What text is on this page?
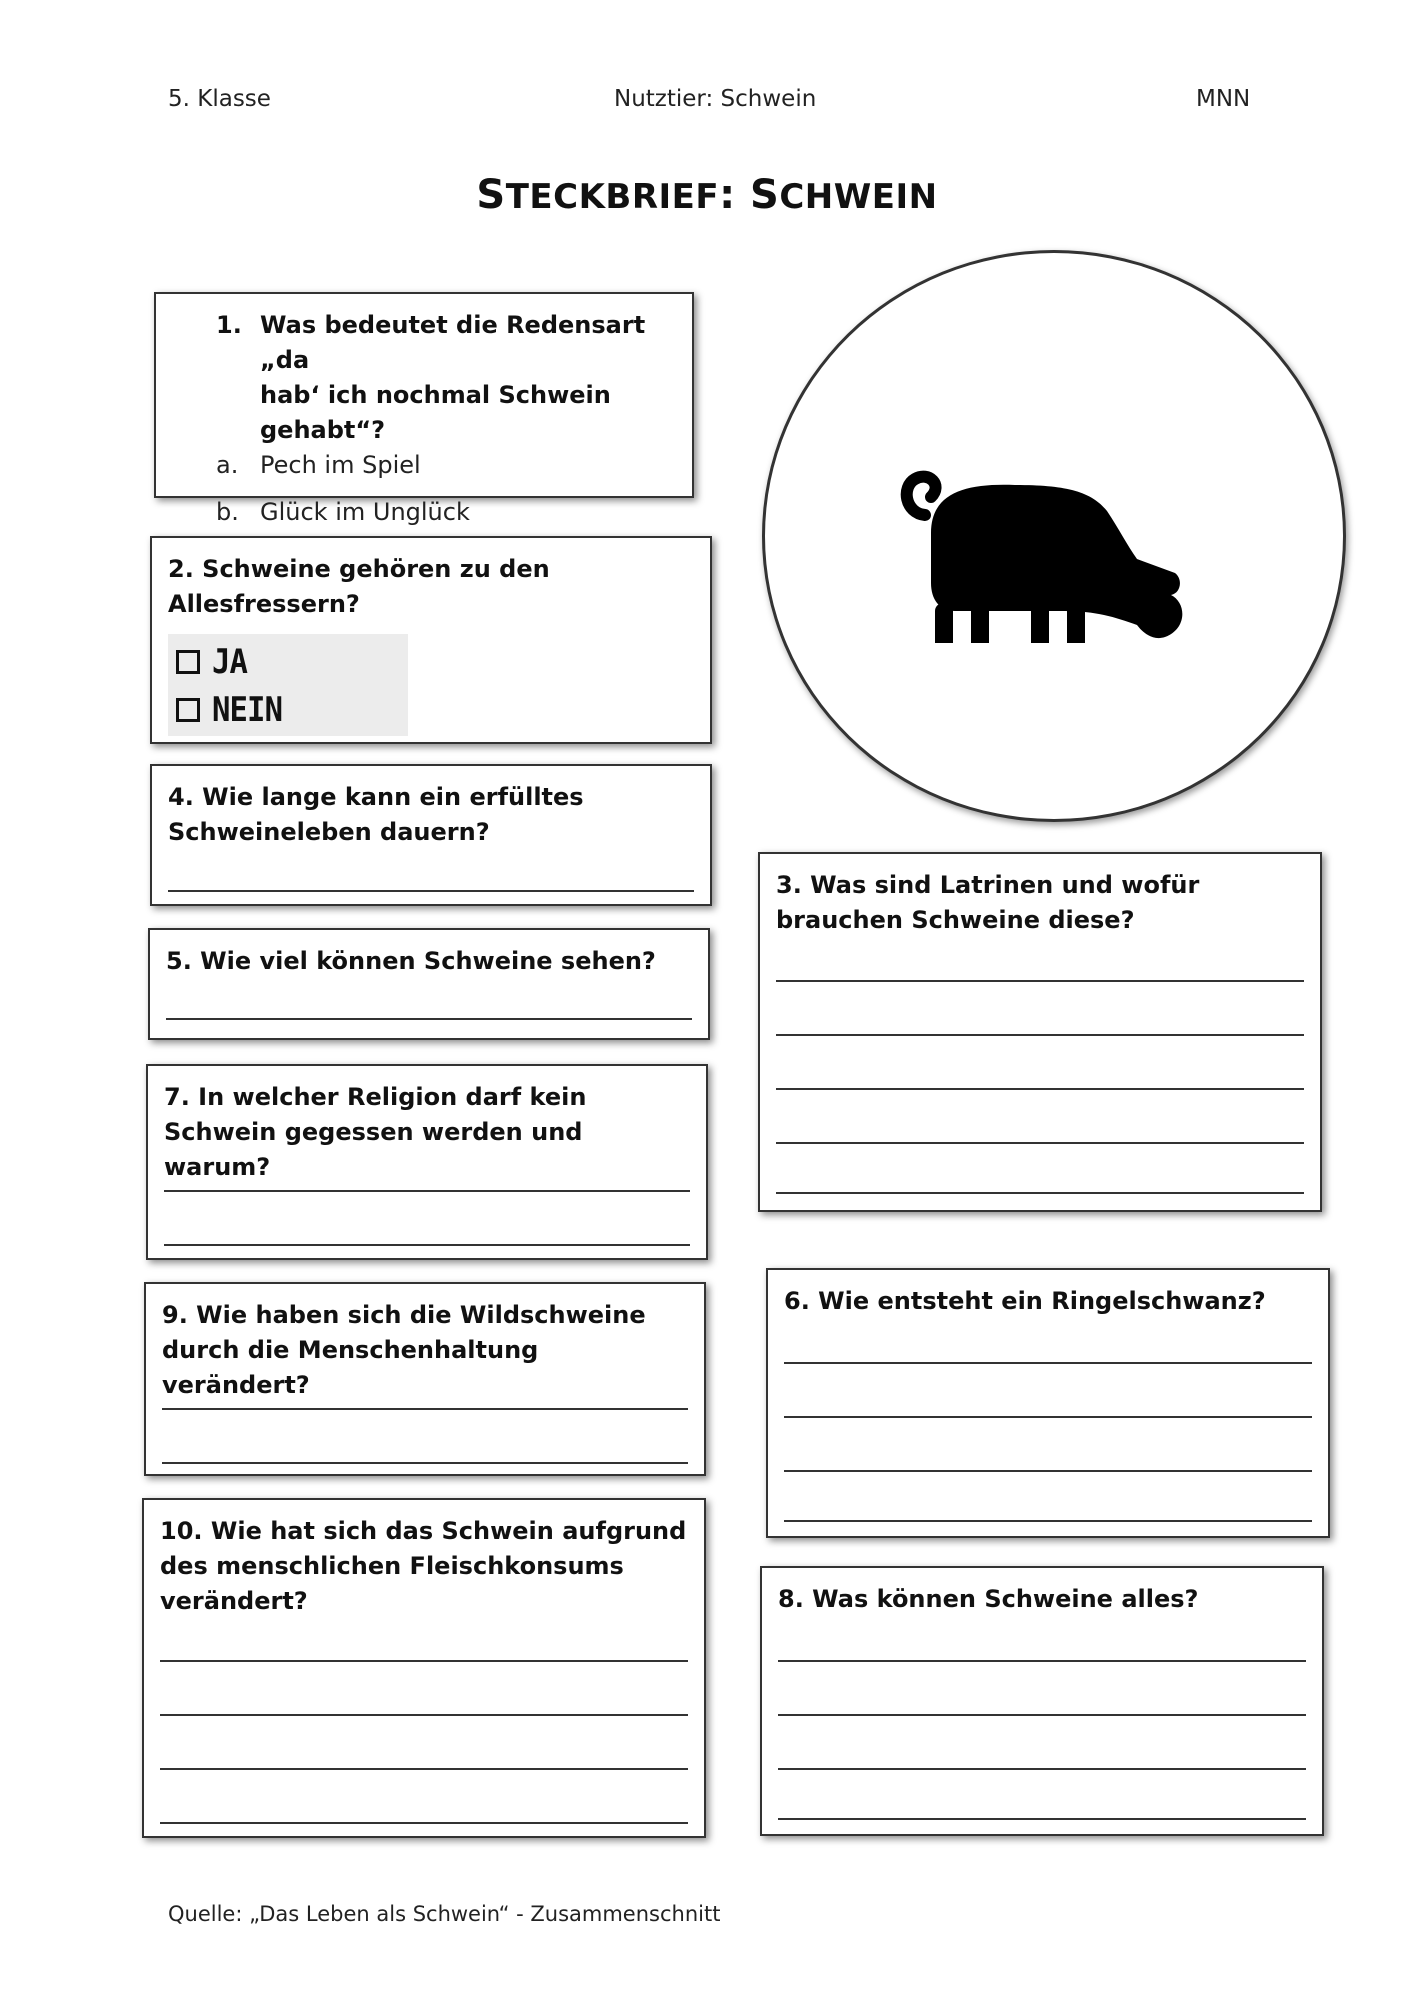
5. Klasse	Nutztier: Schwein	MNN
STECKBRIEF: SCHWEIN
1. Was bedeutet die Redensart „da
hab‘ ich nochmal Schwein
gehabt“?
a. Pech im Spiel
b. Glück im Unglück
2. Schweine gehören zu den Allesfressern?
JA
NEIN
4. Wie lange kann ein erfülltes Schweineleben dauern?
5. Wie viel können Schweine sehen?
7. In welcher Religion darf kein Schwein gegessen werden und warum?
9. Wie haben sich die Wildschweine durch die Menschenhaltung verändert?
10. Wie hat sich das Schwein aufgrund des menschlichen Fleischkonsums verändert?
3. Was sind Latrinen und wofür brauchen Schweine diese?
6. Wie entsteht ein Ringelschwanz?
8. Was können Schweine alles?
Quelle: „Das Leben als Schwein“ - Zusammenschnitt
